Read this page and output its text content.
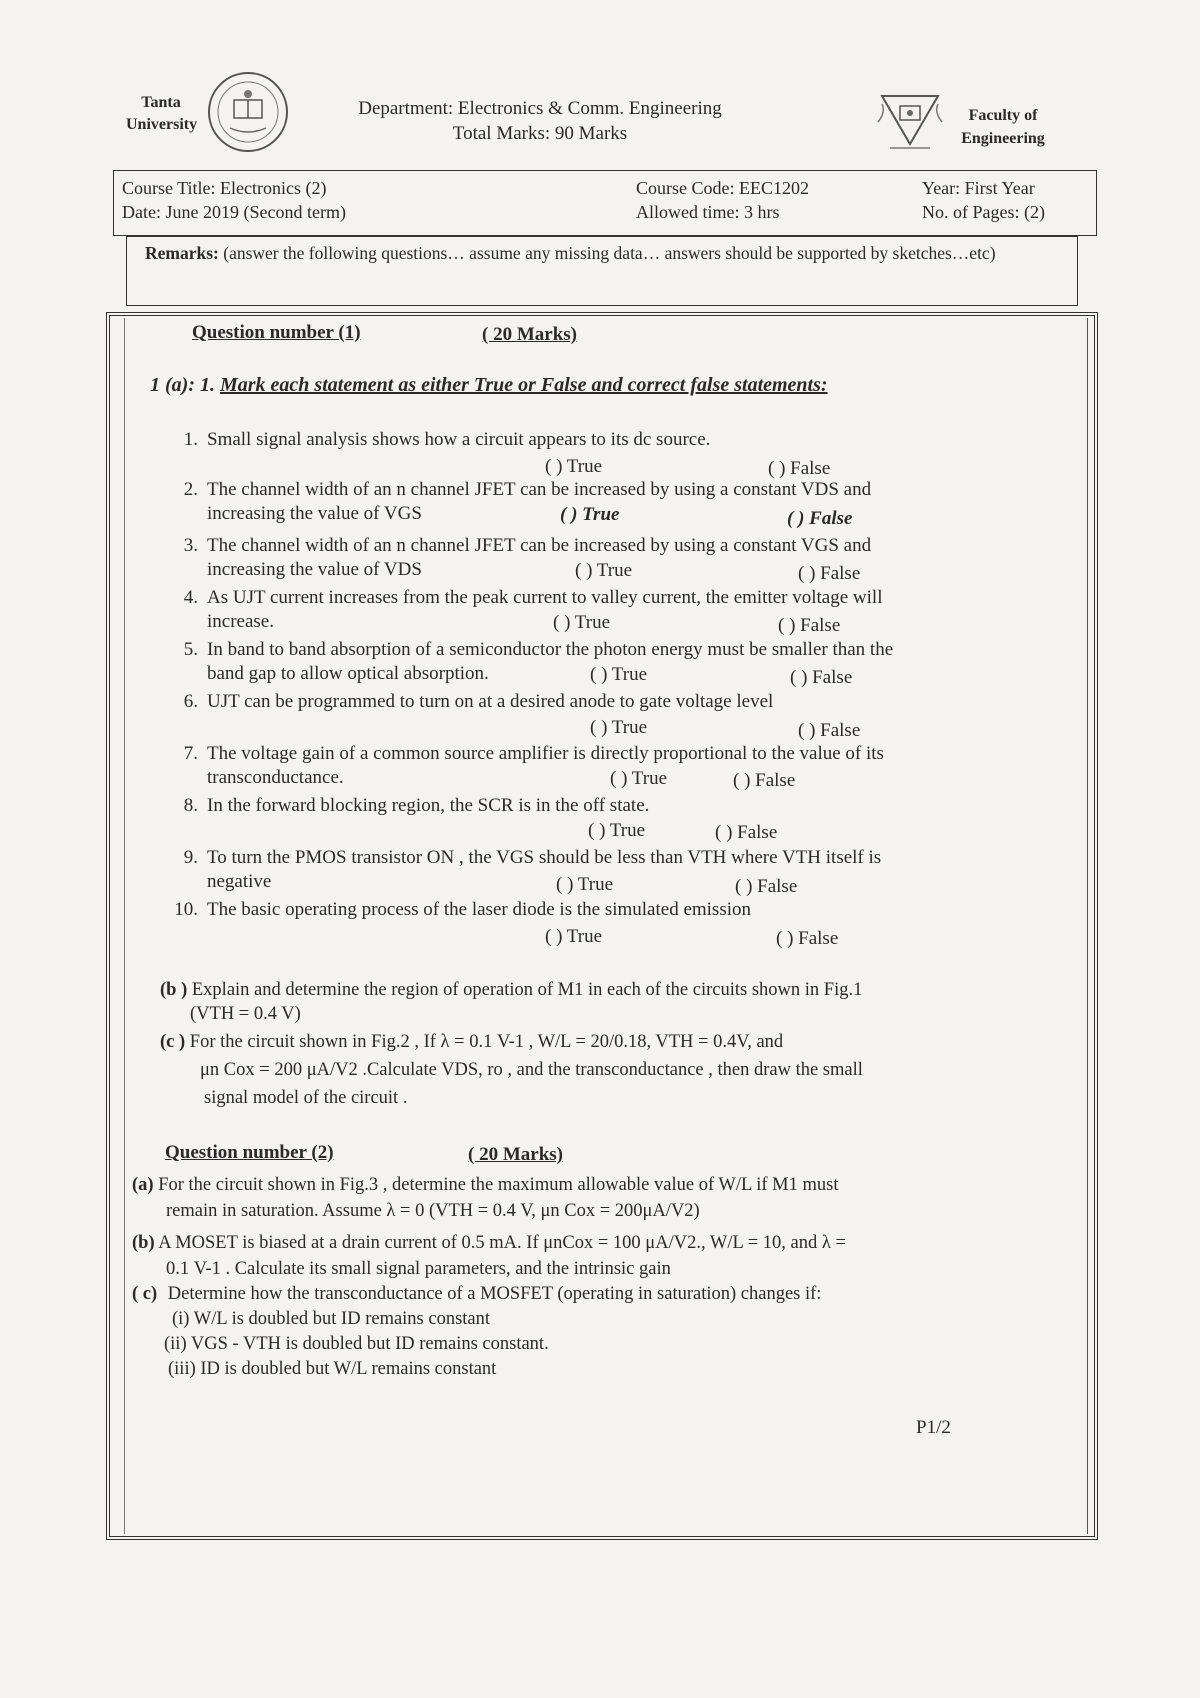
Tanta University
Department: Electronics & Comm. Engineering
Total Marks: 90 Marks
Faculty of Engineering
Course Title: Electronics (2)
Date: June 2019 (Second term)
Course Code: EEC1202
Allowed time: 3 hrs
Year: First Year
No. of Pages: (2)
Remarks: (answer the following questions… assume any missing data… answers should be supported by sketches…etc)
Question number (1)	( 20 Marks)
1 (a): 1. Mark each statement as either True or False and correct false statements:
1. Small signal analysis shows how a circuit appears to its dc source.
( ) True	( ) False
2. The channel width of an n channel JFET can be increased by using a constant VDS and
increasing the value of VGS	( ) True	( ) False
3. The channel width of an n channel JFET can be increased by using a constant VGS and
increasing the value of VDS	( ) True	( ) False
4. As UJT current increases from the peak current to valley current, the emitter voltage will
increase.	( ) True	( ) False
5. In band to band absorption of a semiconductor the photon energy must be smaller than the
band gap to allow optical absorption.	( ) True	( ) False
6. UJT can be programmed to turn on at a desired anode to gate voltage level
( ) True	( ) False
7. The voltage gain of a common source amplifier is directly proportional to the value of its
transconductance.	( ) True	( ) False
8. In the forward blocking region, the SCR is in the off state.
( ) True	( ) False
9. To turn the PMOS transistor ON , the VGS should be less than VTH where VTH itself is
negative	( ) True	( ) False
10. The basic operating process of the laser diode is the simulated emission
( ) True	( ) False
(b ) Explain and determine the region of operation of M1 in each of the circuits shown in Fig.1
(VTH = 0.4 V)
(c ) For the circuit shown in Fig.2 , If λ = 0.1 V-1 , W/L = 20/0.18, VTH = 0.4V, and
μn Cox = 200 μA/V2 .Calculate VDS, ro , and the transconductance , then draw the small
signal model of the circuit .
Question number (2)	( 20 Marks)
(a) For the circuit shown in Fig.3 , determine the maximum allowable value of W/L if M1 must
remain in saturation. Assume λ = 0 (VTH = 0.4 V, μn Cox = 200μA/V2)
(b) A MOSET is biased at a drain current of 0.5 mA. If μnCox = 100 μA/V2., W/L = 10, and λ =
0.1 V-1 . Calculate its small signal parameters, and the intrinsic gain
( c) Determine how the transconductance of a MOSFET (operating in saturation) changes if:
(i) W/L is doubled but ID remains constant
(ii) VGS - VTH is doubled but ID remains constant.
(iii) ID is doubled but W/L remains constant
P1/2
